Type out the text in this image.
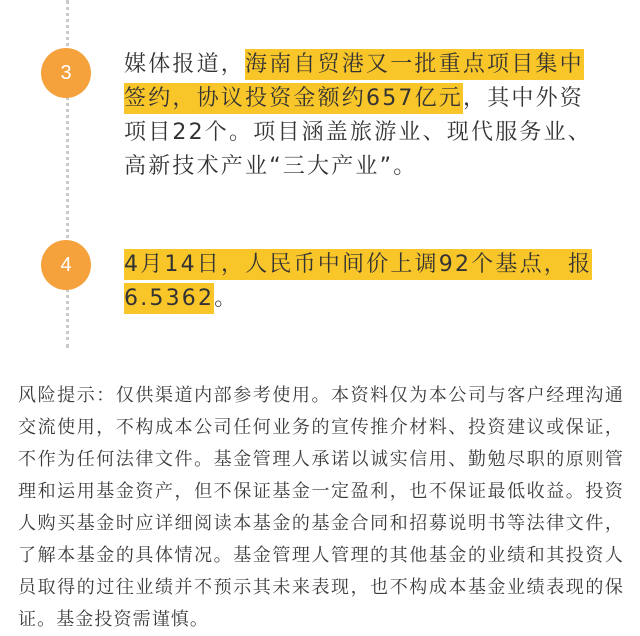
3	媒体报道，海南自贸港又一批重点项目集中签约，协议投资金额约657亿元，其中外资项目22个。项目涵盖旅游业、现代服务业、高新技术产业“三大产业”。
4	4月14日，人民币中间价上调92个基点，报6.5362。
风险提示：仅供渠道内部参考使用。本资料仅为本公司与客户经理沟通交流使用，不构成本公司任何业务的宣传推介材料、投资建议或保证，不作为任何法律文件。基金管理人承诺以诚实信用、勤勉尽职的原则管理和运用基金资产，但不保证基金一定盈利，也不保证最低收益。投资人购买基金时应详细阅读本基金的基金合同和招募说明书等法律文件，了解本基金的具体情况。基金管理人管理的其他基金的业绩和其投资人员取得的过往业绩并不预示其未来表现，也不构成本基金业绩表现的保证。基金投资需谨慎。
